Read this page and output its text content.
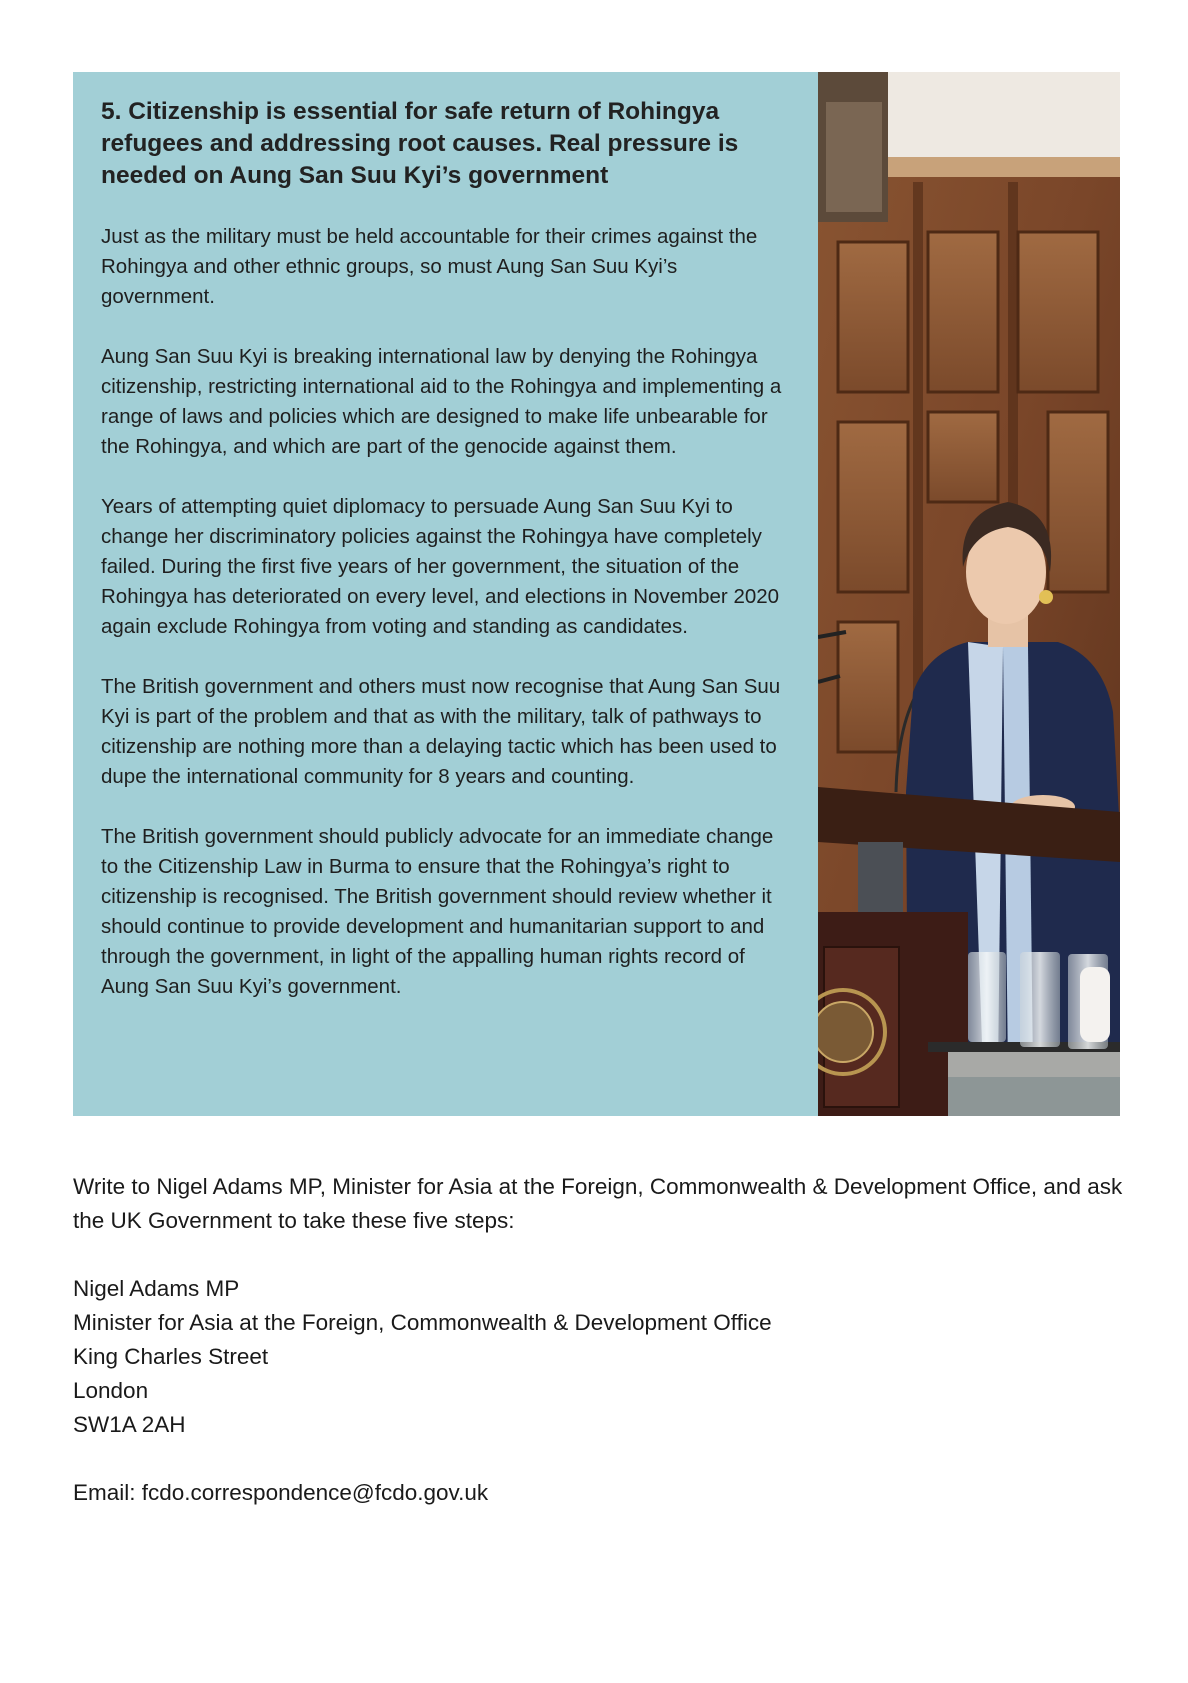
5. Citizenship is essential for safe return of Rohingya refugees and addressing root causes. Real pressure is needed on Aung San Suu Kyi’s government

Just as the military must be held accountable for their crimes against the Rohingya and other ethnic groups, so must Aung San Suu Kyi’s government.

Aung San Suu Kyi is breaking international law by denying the Rohingya citizenship, restricting international aid to the Rohingya and implementing a range of laws and policies which are designed to make life unbearable for the Rohingya, and which are part of the genocide against them.

Years of attempting quiet diplomacy to persuade Aung San Suu Kyi to change her discriminatory policies against the Rohingya have completely failed. During the first five years of her government, the situation of the Rohingya has deteriorated on every level, and elections in November 2020 again exclude Rohingya from voting and standing as candidates.

The British government and others must now recognise that Aung San Suu Kyi is part of the problem and that as with the military, talk of pathways to citizenship are nothing more than a delaying tactic which has been used to dupe the international community for 8 years and counting.

The British government should publicly advocate for an immediate change to the Citizenship Law in Burma to ensure that the Rohingya’s right to citizenship is recognised. The British government should review whether it should continue to provide development and humanitarian support to and through the government, in light of the appalling human rights record of Aung San Suu Kyi’s government.

Write to Nigel Adams MP, Minister for Asia at the Foreign, Commonwealth & Development Office, and ask the UK Government to take these five steps:

Nigel Adams MP
Minister for Asia at the Foreign, Commonwealth & Development Office
King Charles Street
London
SW1A 2AH

Email: fcdo.correspondence@fcdo.gov.uk
